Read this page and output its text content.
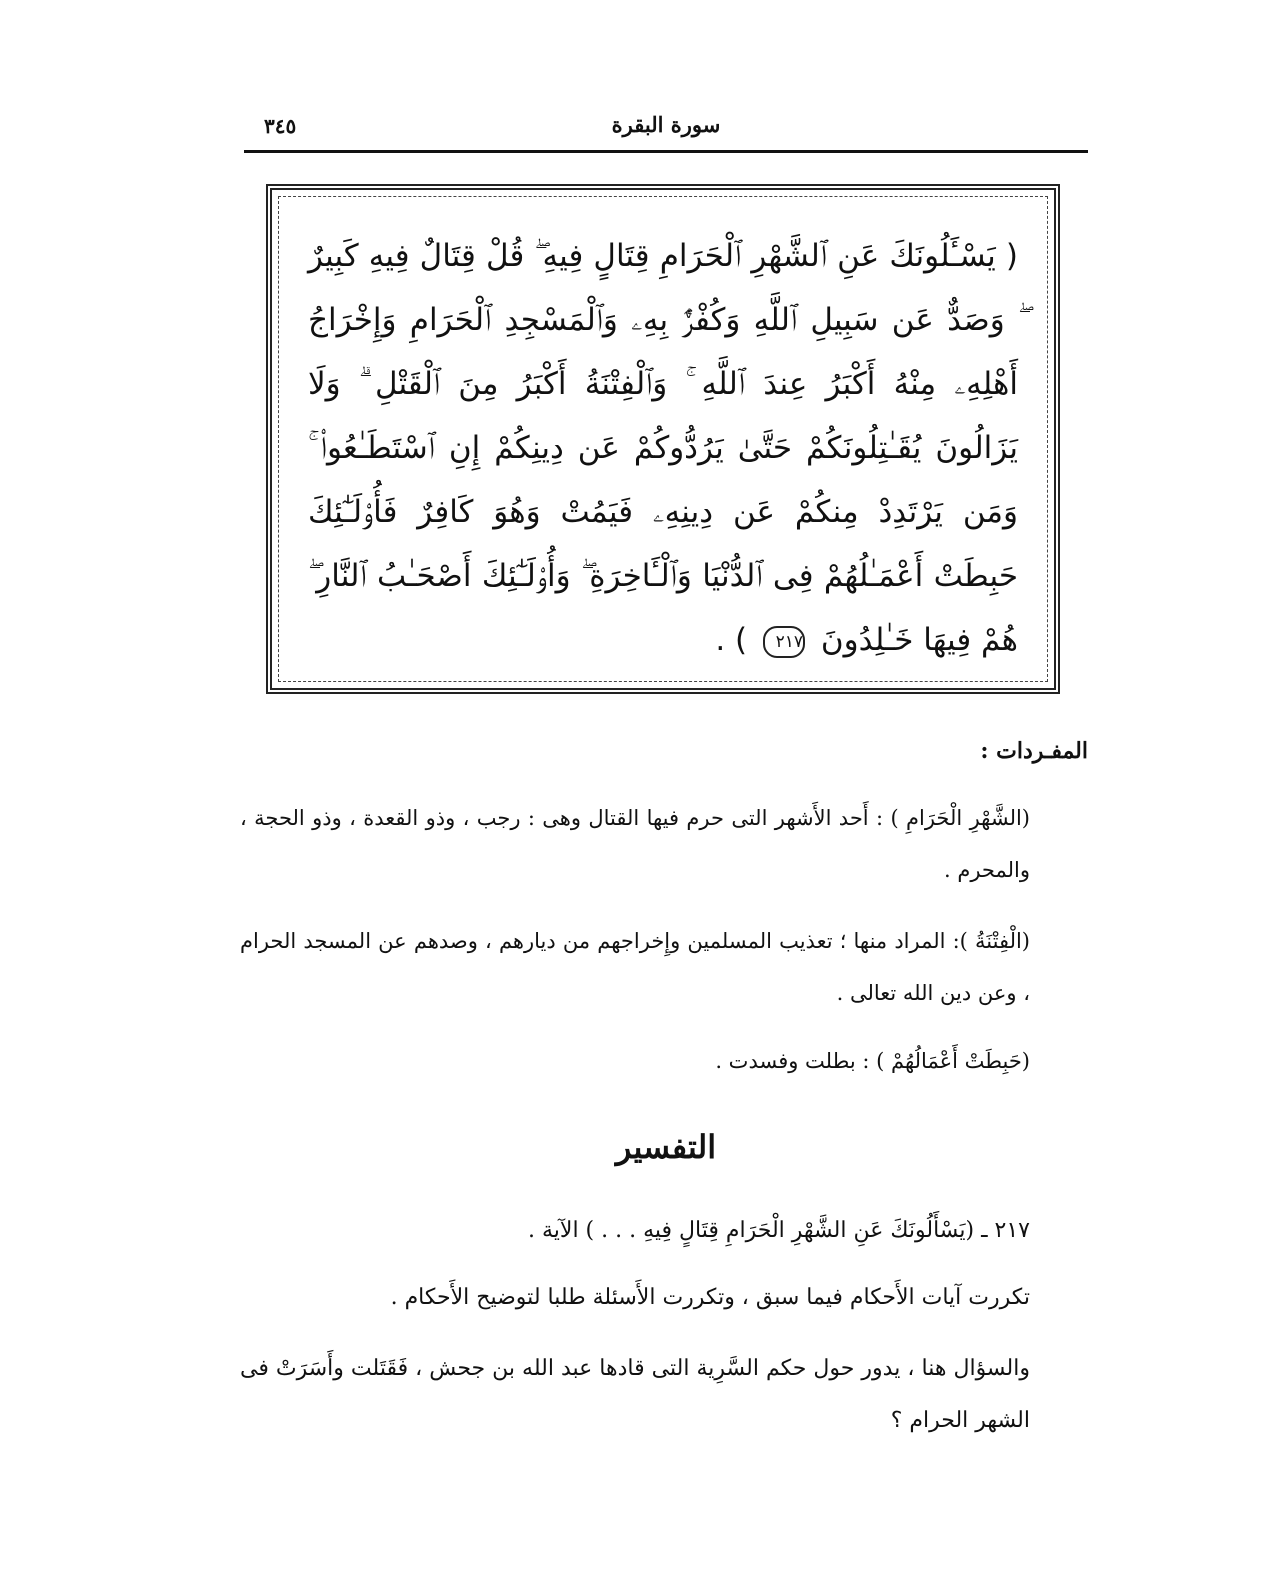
سورة البقرة
٣٤٥
( يَسْـَٔلُونَكَ عَنِ ٱلشَّهْرِ ٱلْحَرَامِ قِتَالٍ فِيهِ ۖ قُلْ قِتَالٌ فِيهِ كَبِيرٌ ۖ وَصَدٌّ عَن سَبِيلِ ٱللَّهِ وَكُفْرٌۢ بِهِۦ وَٱلْمَسْجِدِ ٱلْحَرَامِ وَإِخْرَاجُ أَهْلِهِۦ مِنْهُ أَكْبَرُ عِندَ ٱللَّهِ ۚ وَٱلْفِتْنَةُ أَكْبَرُ مِنَ ٱلْقَتْلِ ۗ وَلَا يَزَالُونَ يُقَـٰتِلُونَكُمْ حَتَّىٰ يَرُدُّوكُمْ عَن دِينِكُمْ إِنِ ٱسْتَطَـٰعُوا۟ ۚ وَمَن يَرْتَدِدْ مِنكُمْ عَن دِينِهِۦ فَيَمُتْ وَهُوَ كَافِرٌ فَأُو۟لَـٰٓئِكَ حَبِطَتْ أَعْمَـٰلُهُمْ فِى ٱلدُّنْيَا وَٱلْـَٔاخِرَةِ ۖ وَأُو۟لَـٰٓئِكَ أَصْحَـٰبُ ٱلنَّارِ ۖ هُمْ فِيهَا خَـٰلِدُونَ ٢١٧ ) .
المفـردات :
(الشَّهْرِ الْحَرَامِ ) : أَحد الأَشهر التى حرم فيها القتال وهى : رجب ، وذو القعدة ، وذو الحجة ، والمحرم .
(الْفِتْنَةُ ): المراد منها ؛ تعذيب المسلمين وإِخراجهم من ديارهم ، وصدهم عن المسجد الحرام ، وعن دين الله تعالى .
(حَبِطَتْ أَعْمَالُهُمْ ) : بطلت وفسدت .
التفسير
٢١٧ ـ (يَسْأَلُونَكَ عَنِ الشَّهْرِ الْحَرَامِ قِتَالٍ فِيهِ . . . ) الآية .
تكررت آيات الأَحكام فيما سبق ، وتكررت الأَسئلة طلبا لتوضيح الأَحكام .
والسؤال هنا ، يدور حول حكم السَّرِية التى قادها عبد الله بن جحش ، فَقَتَلت وأَسَرَتْ فى الشهر الحرام ؟
